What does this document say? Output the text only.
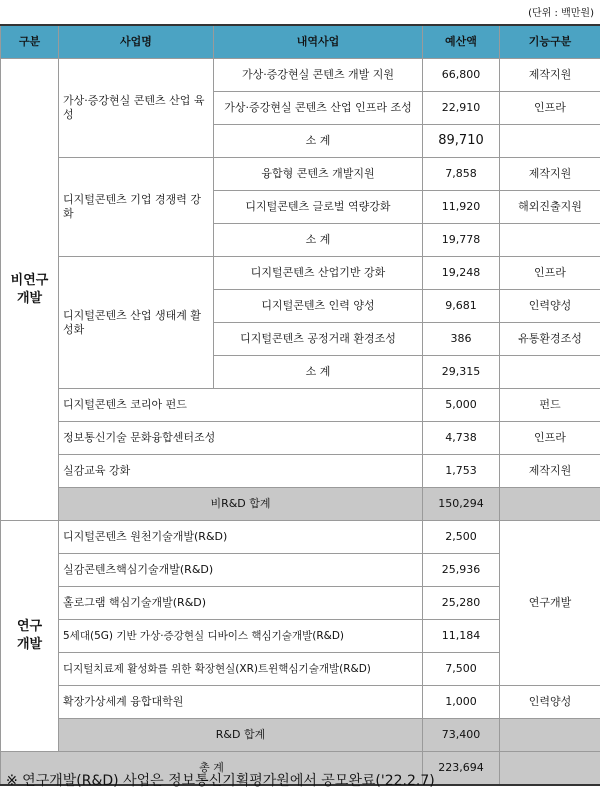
(단위 : 백만원)
구분	사업명	내역사업	예산액	기능구분
비연구개발	가상·증강현실 콘텐츠 산업 육성	가상·증강현실 콘텐츠 개발 지원	66,800	제작지원
		가상·증강현실 콘텐츠 산업 인프라 조성	22,910	인프라
		소 계	89,710	
	디지털콘텐츠 기업 경쟁력 강화	융합형 콘텐츠 개발지원	7,858	제작지원
		디지털콘텐츠 글로벌 역량강화	11,920	해외진출지원
		소 계	19,778	
	디지털콘텐츠 산업 생태계 활성화	디지털콘텐츠 산업기반 강화	19,248	인프라
		디지털콘텐츠 인력 양성	9,681	인력양성
		디지털콘텐츠 공정거래 환경조성	386	유통환경조성
		소 계	29,315	
	디지털콘텐츠 코리아 펀드		5,000	펀드
	정보통신기술 문화융합센터조성		4,738	인프라
	실감교육 강화		1,753	제작지원
	비R&D 합계		150,294	
연구개발	디지털콘텐츠 원천기술개발(R&D)		2,500	연구개발
	실감콘텐츠핵심기술개발(R&D)		25,936	
	홀로그램 핵심기술개발(R&D)		25,280	
	5세대(5G) 기반 가상·증강현실 디바이스 핵심기술개발(R&D)		11,184	
	디지털치료제 활성화를 위한 확장현실(XR)트윈핵심기술개발(R&D)		7,500	
	확장가상세계 융합대학원		1,000	인력양성
	R&D 합계		73,400	
총 계			223,694	
※ 연구개발(R&D) 사업은 정보통신기획평가원에서 공모완료('22.2.7)
